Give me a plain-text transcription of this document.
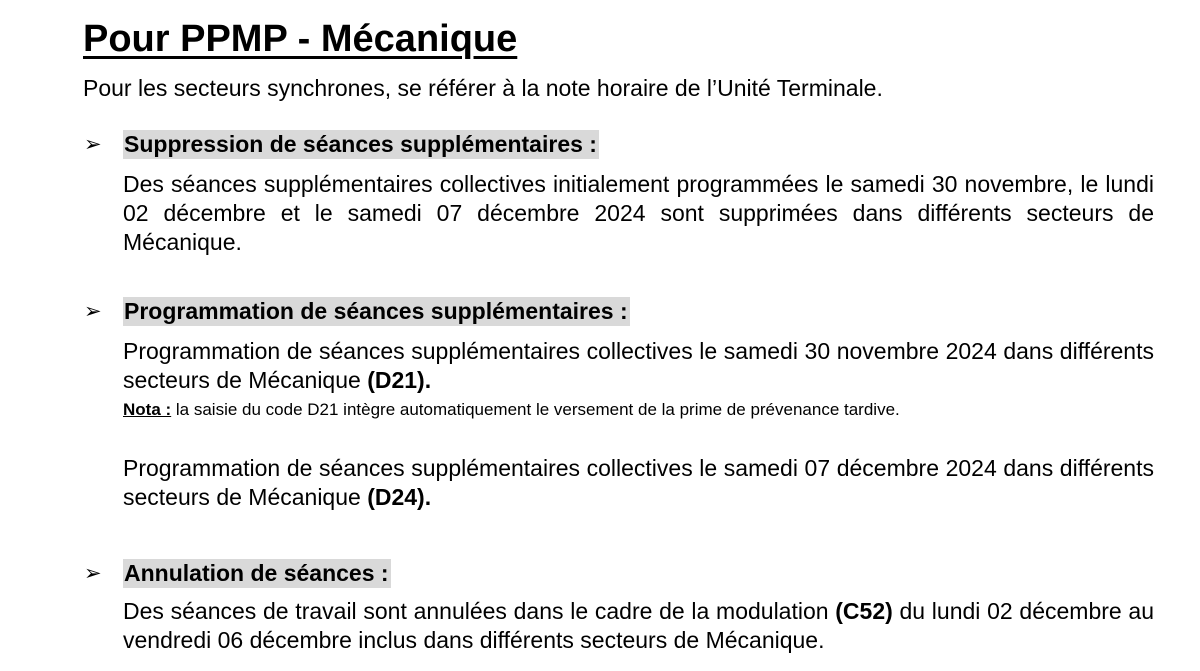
Pour PPMP - Mécanique

Pour les secteurs synchrones, se référer à la note horaire de l’Unité Terminale.

➢ Suppression de séances supplémentaires :

Des séances supplémentaires collectives initialement programmées le samedi 30 novembre, le lundi 02 décembre et le samedi 07 décembre 2024 sont supprimées dans différents secteurs de Mécanique.

➢ Programmation de séances supplémentaires :

Programmation de séances supplémentaires collectives le samedi 30 novembre 2024 dans différents secteurs de Mécanique (D21).

Nota : la saisie du code D21 intègre automatiquement le versement de la prime de prévenance tardive.

Programmation de séances supplémentaires collectives le samedi 07 décembre 2024 dans différents secteurs de Mécanique (D24).

➢ Annulation de séances :

Des séances de travail sont annulées dans le cadre de la modulation (C52) du lundi 02 décembre au vendredi 06 décembre inclus dans différents secteurs de Mécanique.
